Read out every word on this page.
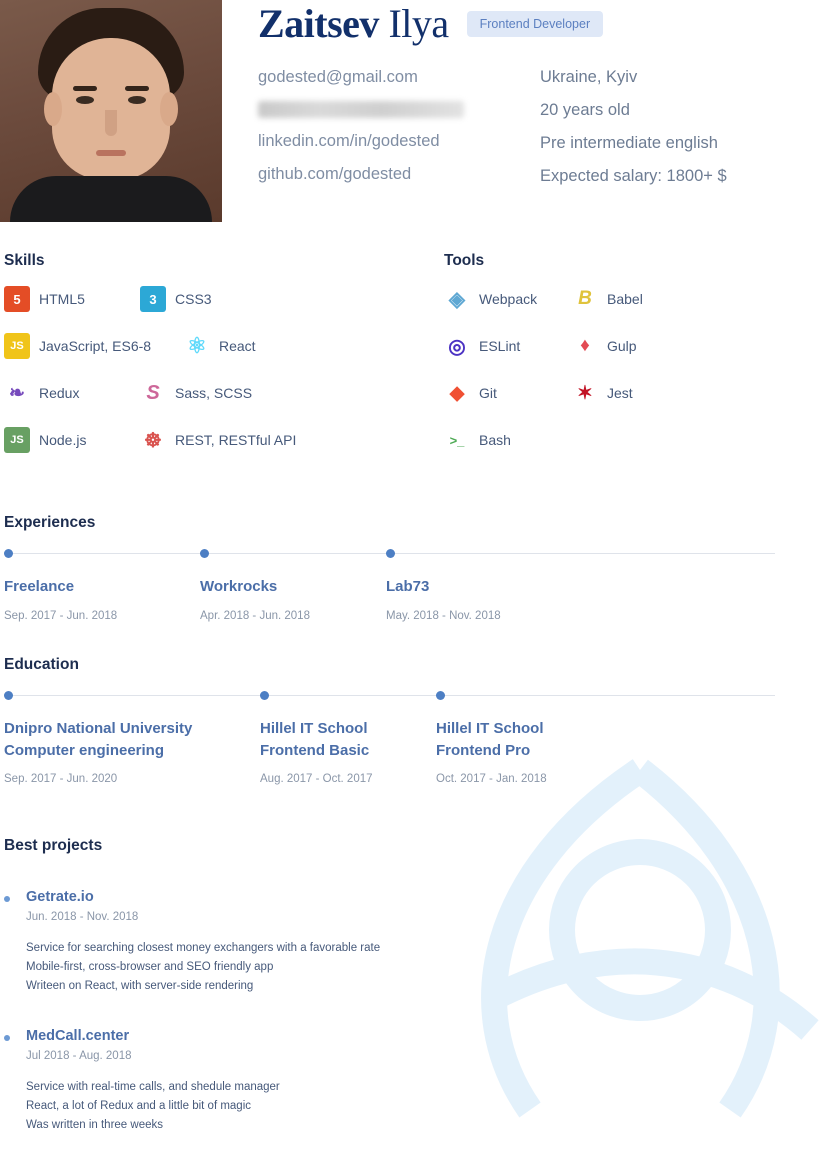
Zaitsev Ilya	Frontend Developer
godested@gmail.com
linkedin.com/in/godested
github.com/godested
Ukraine, Kyiv
20 years old
Pre intermediate english
Expected salary: 1800+ $
Skills
5	HTML5	3	CSS3
JS	JavaScript, ES6-8 ⚛ React
❧	Redux	S	Sass, SCSS
JS	Node.js	☸ REST, RESTful API
Tools
◈ Webpack	B	Babel
◎ ESLint	♦	Gulp
◆	Git	✶	Jest
>_	Bash
Experiences
Freelance
Sep. 2017 - Jun. 2018
Workrocks
Apr. 2018 - Jun. 2018
Lab73
May. 2018 - Nov. 2018
Education
Dnipro National University
Computer engineering
Sep. 2017 - Jun. 2020
Hillel IT School
Frontend Basic
Aug. 2017 - Oct. 2017
Hillel IT School
Frontend Pro
Oct. 2017 - Jan. 2018
Best projects
Getrate.io
Jun. 2018 - Nov. 2018
Service for searching closest money exchangers with a favorable rate
Mobile-first, cross-browser and SEO friendly app
Writeen on React, with server-side rendering
MedCall.center
Jul 2018 - Aug. 2018
Service with real-time calls, and shedule manager
React, a lot of Redux and a little bit of magic
Was written in three weeks
